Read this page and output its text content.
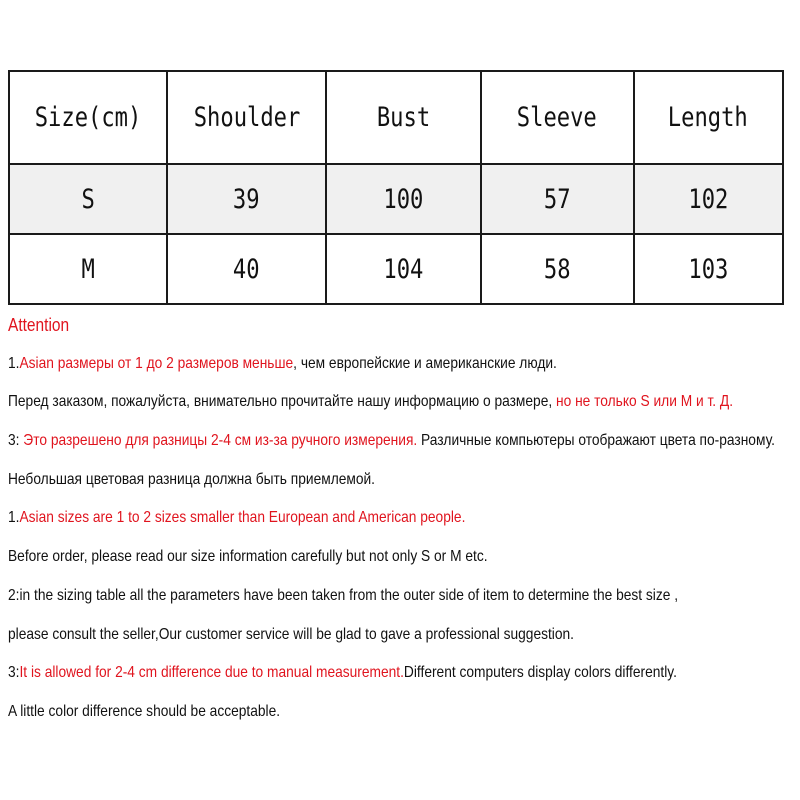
Size(cm)	Shoulder	Bust	Sleeve	Length
S	39	100	57	102
M	40	104	58	103
Attention
1.Asian размеры от 1 до 2 размеров меньше, чем европейские и американские люди.
Перед заказом, пожалуйста, внимательно прочитайте нашу информацию о размере, но не только S или M и т. Д.
3: Это разрешено для разницы 2-4 см из-за ручного измерения. Различные компьютеры отображают цвета по-разному.
Небольшая цветовая разница должна быть приемлемой.
1.Asian sizes are 1 to 2 sizes smaller than European and American people.
Before order, please read our size information carefully but not only S or M etc.
2:in the sizing table all the parameters have been taken from the outer side of item to determine the best size ,
please consult the seller,Our customer service will be glad to gave a professional suggestion.
3:It is allowed for 2-4 cm difference due to manual measurement.Different computers display colors differently.
A little color difference should be acceptable.
